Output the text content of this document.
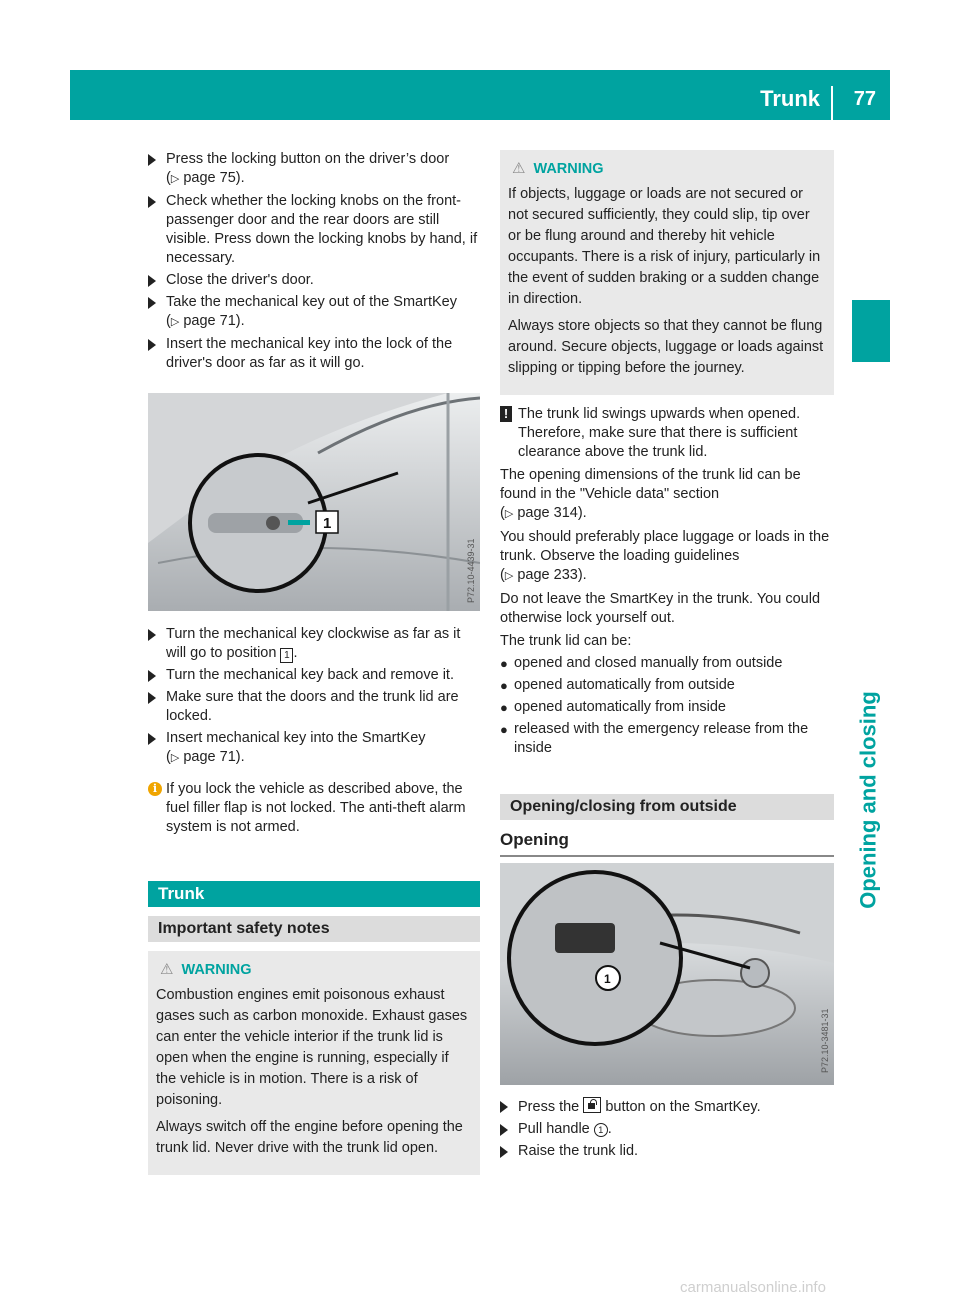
Trunk 77
Opening and closing
Press the locking button on the driver’s door
(▷ page 75).
Check whether the locking knobs on the front-passenger door and the rear doors are still visible. Press down the locking knobs by hand, if necessary.
Close the driver's door.
Take the mechanical key out of the SmartKey
(▷ page 71).
Insert the mechanical key into the lock of the driver's door as far as it will go.
1
P72.10-4439-31
Turn the mechanical key clockwise as far as it will go to position 1 .
Turn the mechanical key back and remove it.
Make sure that the doors and the trunk lid are locked.
Insert mechanical key into the SmartKey
(▷ page 71).
i If you lock the vehicle as described above, the fuel filler flap is not locked. The anti-theft alarm system is not armed.
Trunk
Important safety notes
⚠ WARNING

Combustion engines emit poisonous exhaust gases such as carbon monoxide. Exhaust gases can enter the vehicle interior if the trunk lid is open when the engine is running, especially if the vehicle is in motion. There is a risk of poisoning.

Always switch off the engine before opening the trunk lid. Never drive with the trunk lid open.

⚠ WARNING

If objects, luggage or loads are not secured or not secured sufficiently, they could slip, tip over or be flung around and thereby hit vehicle occupants. There is a risk of injury, particularly in the event of sudden braking or a sudden change in direction.

Always store objects so that they cannot be flung around. Secure objects, luggage or loads against slipping or tipping before the journey.

! The trunk lid swings upwards when opened. Therefore, make sure that there is sufficient clearance above the trunk lid.

The opening dimensions of the trunk lid can be found in the "Vehicle data" section
(▷ page 314).

You should preferably place luggage or loads in the trunk. Observe the loading guidelines
(▷ page 233).

Do not leave the SmartKey in the trunk. You could otherwise lock yourself out.

The trunk lid can be:

● opened and closed manually from outside
● opened automatically from outside
● opened automatically from inside
● released with the emergency release from the inside
Opening/closing from outside
Opening
1
P72.10-3481-31
Press the button on the SmartKey.
Pull handle 1 .
Raise the trunk lid.
carmanualsonline.info
